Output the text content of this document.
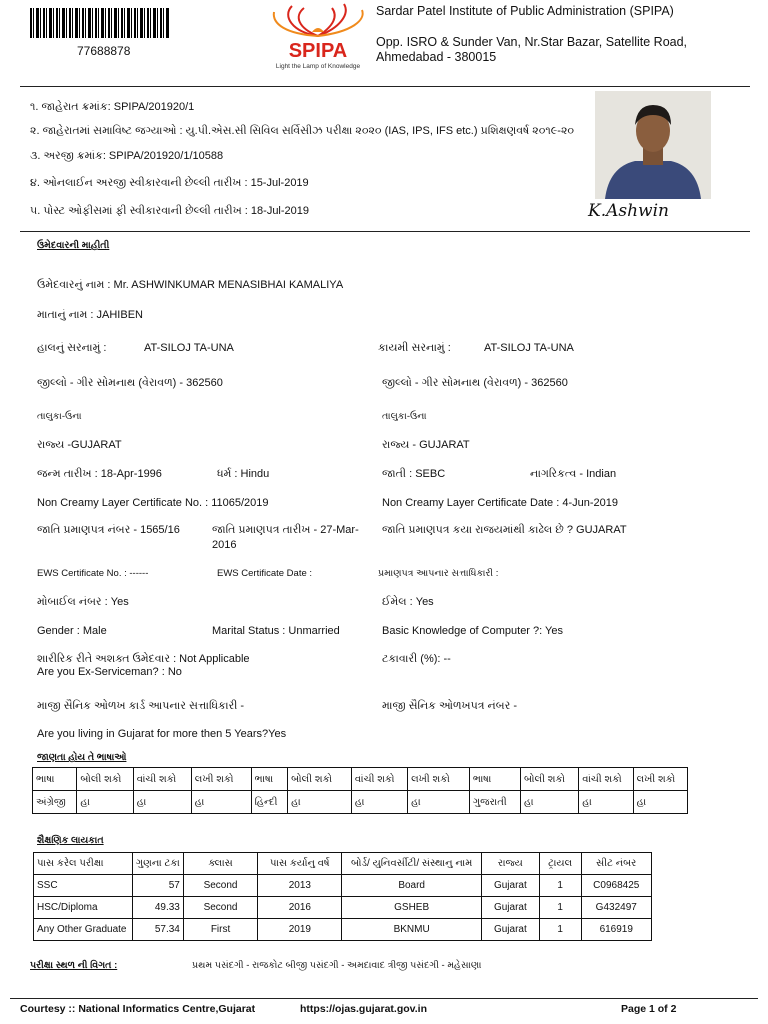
77688878	SPIPA
Light the Lamp of Knowledge
Sardar Patel Institute of Public Administration (SPIPA)
Opp. ISRO & Sunder Van, Nr.Star Bazar, Satellite Road,
Ahmedabad - 380015
૧. જાહેરાત ક્રમાંક: SPIPA/201920/1
૨. જાહેરાતમાં સમાવિષ્ટ જગ્યાઓ : યુ.પી.એસ.સી સિવિલ સર્વિસીઝ પરીક્ષા ૨૦૨૦ (IAS, IPS, IFS etc.) પ્રશિક્ષણવર્ષ ૨૦૧૯-૨૦
૩. અરજી ક્રમાંક: SPIPA/201920/1/10588
૪. ઓનલાઈન અરજી સ્વીકારવાની છેલ્લી તારીખ : 15-Jul-2019
૫. પોસ્ટ ઓફીસમાં ફી સ્વીકારવાની છેલ્લી તારીખ : 18-Jul-2019	K.Ashwin
ઉમેદવારની માહીતી
ઉમેદવારનું નામ : Mr. ASHWINKUMAR MENASIBHAI KAMALIYA
માતાનું નામ : JAHIBEN
હાલનું સરનામું :	AT-SILOJ TA-UNA	કાયમી સરનામું :	AT-SILOJ TA-UNA
જીલ્લો - ગીર સોમનાથ (વેરાવળ) - 362560	જીલ્લો - ગીર સોમનાથ (વેરાવળ) - 362560
તાલુકા-ઉના	તાલુકા-ઉના
રાજ્ય -GUJARAT	રાજ્ય - GUJARAT
જન્મ તારીખ : 18-Apr-1996	ધર્મ : Hindu	જાતી : SEBC	નાગરિકત્વ - Indian
Non Creamy Layer Certificate No. : 11065/2019	Non Creamy Layer Certificate Date : 4-Jun-2019
જાતિ પ્રમાણપત્ર નંબર - 1565/16	જાતિ પ્રમાણપત્ર તારીખ - 27-Mar-
2016
જાતિ પ્રમાણપત્ર કયા રાજયમાંથી કાઢેલ છે ? GUJARAT
EWS Certificate No. : ------	EWS Certificate Date :	પ્રમાણપત્ર આપનાર સત્તાધિકારી :
મોબાઈલ નંબર : Yes	ઈમેલ : Yes
Gender : Male	Marital Status : Unmarried	Basic Knowledge of Computer ?: Yes
શારીરિક રીતે અશક્ત ઉમેદવાર : Not Applicable	ટકાવારી (%): --
Are you Ex-Serviceman? : No
માજી સૈનિક ઓળખ કાર્ડ આપનાર સત્તાધિકારી -	માજી સૈનિક ઓળખપત્ર નંબર -
Are you living in Gujarat for more then 5 Years?Yes
જાણતા હોય તે ભાષાઓ
ભાષા	બોલી શકો	વાંચી શકો	લખી શકો	ભાષા	બોલી શકો	વાંચી શકો	લખી શકો	ભાષા	બોલી શકો	વાંચી શકો	લખી શકો
અંગ્રેજી	હા	હા	હા	હિન્દી	હા	હા	હા	ગુજરાતી	હા	હા	હા
શૈક્ષણિક લાયકાત
પાસ કરેલ પરીક્ષા	ગુણના ટકા	ક્લાસ	પાસ કર્યાનુ વર્ષ	બોર્ડ/ યુનિવર્સીટી/ સંસ્થાનુ નામ	રાજ્ય	ટ્રાયલ	સીટ નંબર
SSC	57	Second	2013	Board	Gujarat	1	C0968425
HSC/Diploma	49.33	Second	2016	GSHEB	Gujarat	1	G432497
Any Other Graduate	57.34	First	2019	BKNMU	Gujarat	1	616919
પરીક્ષા સ્થળ ની વિગત :	પ્રથમ પસંદગી - રાજકોટ બીજી પસંદગી - અમદાવાદ ત્રીજી પસંદગી - મહેસાણા
Courtesy :: National Informatics Centre,Gujarat	https://ojas.gujarat.gov.in	Page 1 of 2
